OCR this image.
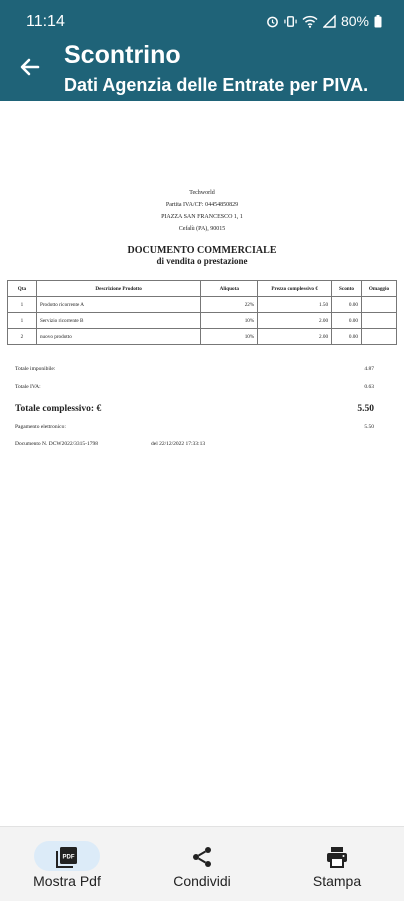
11:14	80%
Scontrino
Dati Agenzia delle Entrate per PIVA.
Techworld
Partita IVA/CF: 04454850829
PIAZZA SAN FRANCESCO 1, 1
Cefalù (PA), 90015
DOCUMENTO COMMERCIALE
di vendita o prestazione
Qta	Descrizione Prodotto	Aliquota	Prezzo complessivo €	Sconto	Omaggio
1	Prodotto ricorrente A	22%	1.50	0.00	
1	Servizio ricorrente B	10%	2.00	0.00	
2	nuovo prodotto	10%	2.00	0.00	
Totale imponibile:	4.87
Totale IVA:	0.63
Totale complessivo: €	5.50
Pagamento elettronico:	5.50
Documento N. DCW2022/3315-1798	del 22/12/2022 17:33:13
PDF
Mostra Pdf	Condividi	Stampa
